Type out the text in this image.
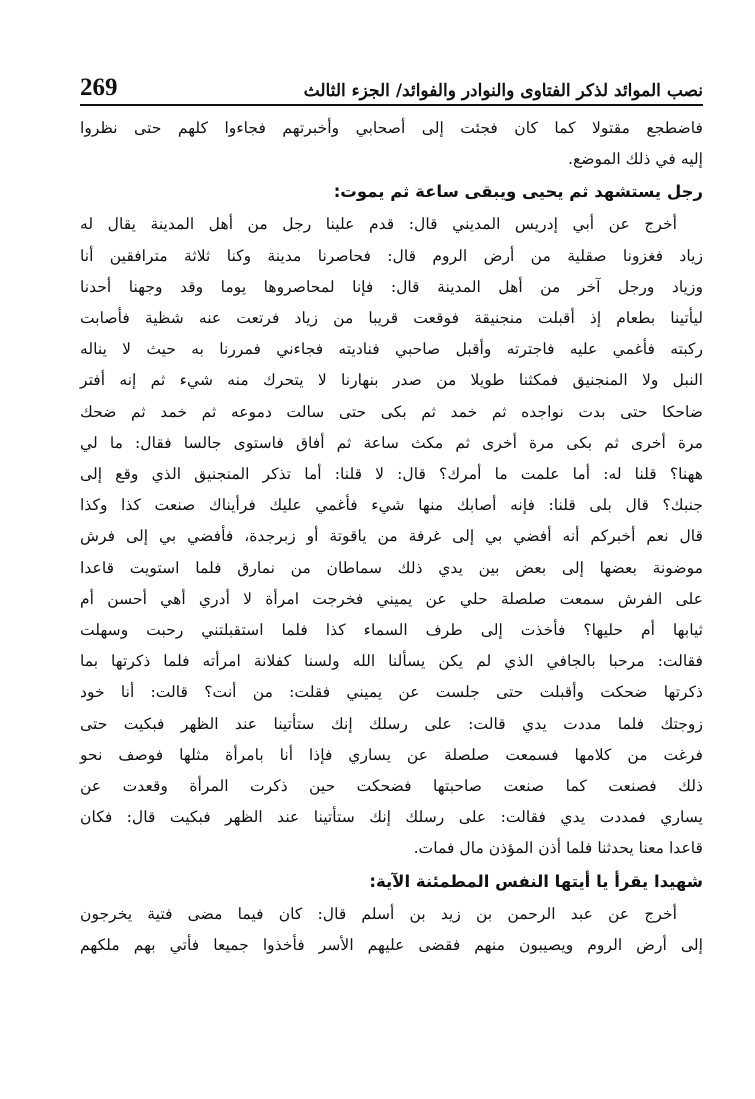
269	نصب الموائد لذكر الفتاوى والنوادر والفوائد/ الجزء الثالث
فاضطجع مقتولا كما كان فجئت إلى أصحابي وأخبرتهم فجاءوا كلهم حتى نظروا
إليه في ذلك الموضع.
رجل يستشهد ثم يحيى ويبقى ساعة ثم يموت:
أخرج عن أبي إدريس المديني قال: قدم علينا رجل من أهل المدينة يقال له
زياد فغزونا صقلية من أرض الروم قال: فحاصرنا مدينة وكنا ثلاثة مترافقين أنا
وزياد ورجل آخر من أهل المدينة قال: فإنا لمحاصروها يوما وقد وجهنا أحدنا
ليأتينا بطعام إذ أقبلت منجنيقة فوقعت قريبا من زياد فرتعت عنه شظية فأصابت
ركبته فأغمي عليه فاجترته وأقبل صاحبي فناديته فجاءني فمررنا به حيث لا يناله
النبل ولا المنجنيق فمكثنا طويلا من صدر بنهارنا لا يتحرك منه شيء ثم إنه أفتر
ضاحكا حتى بدت نواجده ثم خمد ثم بكى حتى سالت دموعه ثم خمد ثم ضحك
مرة أخرى ثم بكى مرة أخرى ثم مكث ساعة ثم أفاق فاستوى جالسا فقال: ما لي
ههنا؟ قلنا له: أما علمت ما أمرك؟ قال: لا قلنا: أما تذكر المنجنيق الذي وقع إلى
جنبك؟ قال بلى قلنا: فإنه أصابك منها شيء فأغمي عليك فرأيناك صنعت كذا وكذا
قال نعم أخبركم أنه أفضي بي إلى غرفة من ياقوتة أو زبرجدة، فأفضي بي إلى فرش
موضونة بعضها إلى بعض بين يدي ذلك سماطان من نمارق فلما استويت قاعدا
على الفرش سمعت صلصلة حلي عن يميني فخرجت امرأة لا أدري أهي أحسن أم
ثيابها أم حليها؟ فأخذت إلى طرف السماء كذا فلما استقبلتني رحبت وسهلت
فقالت: مرحبا بالجافي الذي لم يكن يسألنا الله ولسنا كفلانة امرأته فلما ذكرتها بما
ذكرتها ضحكت وأقبلت حتى جلست عن يميني فقلت: من أنت؟ قالت: أنا خود
زوجتك فلما مددت يدي قالت: على رسلك إنك ستأتينا عند الظهر فبكيت حتى
فرغت من كلامها فسمعت صلصلة عن يساري فإذا أنا بامرأة مثلها فوصف نحو
ذلك فصنعت كما صنعت صاحبتها فضحكت حين ذكرت المرأة وقعدت عن
يساري فمددت يدي فقالت: على رسلك إنك ستأتينا عند الظهر فبكيت قال: فكان
قاعدا معنا يحدثنا فلما أذن المؤذن مال فمات.
شهيدا يقرأ يا أيتها النفس المطمئنة الآية:
أخرج عن عبد الرحمن بن زيد بن أسلم قال: كان فيما مضى فتية يخرجون
إلى أرض الروم ويصيبون منهم فقضى عليهم الأسر فأخذوا جميعا فأتي بهم ملكهم
